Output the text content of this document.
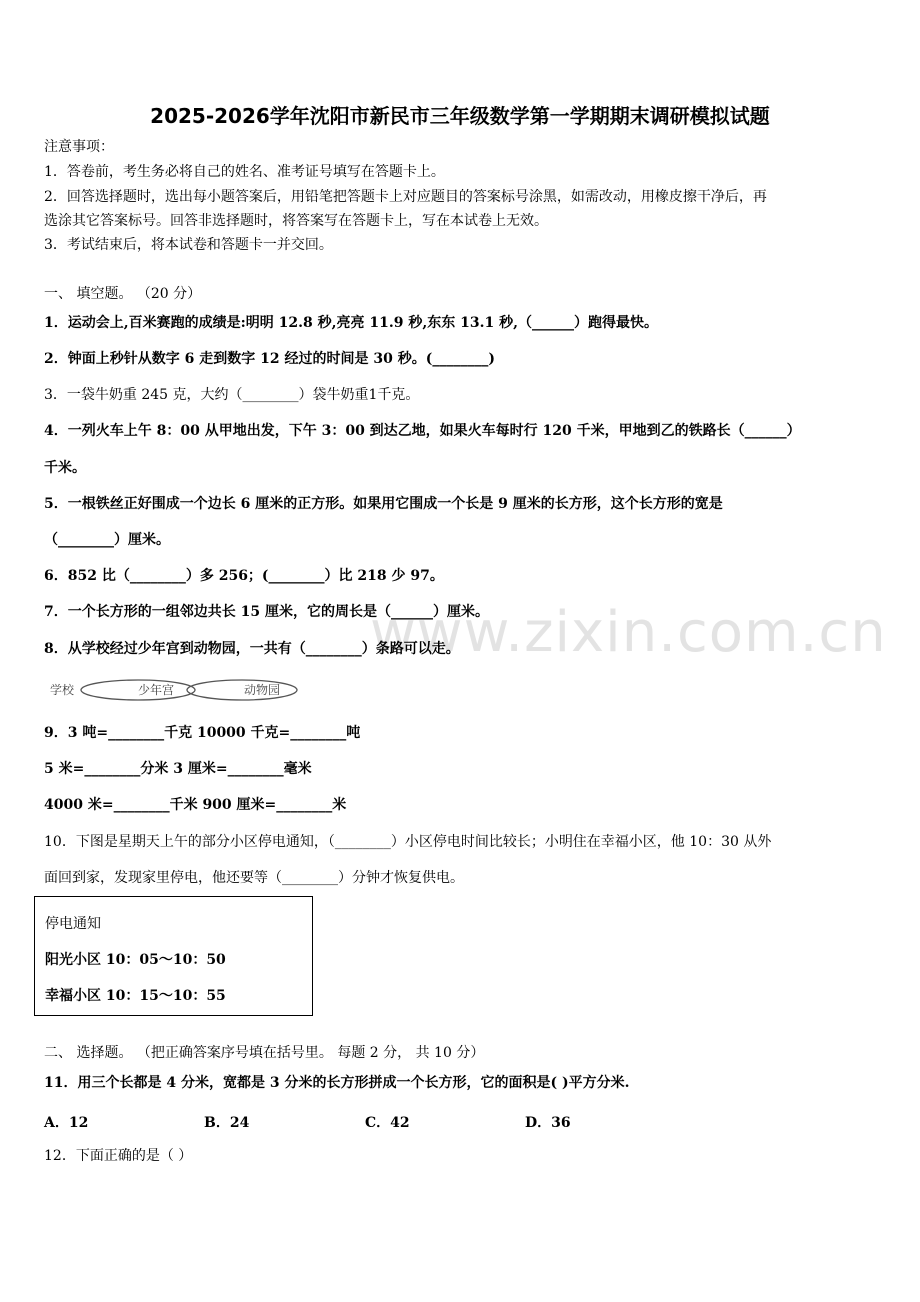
www.zixin.com.cn
2025-2026学年沈阳市新民市三年级数学第一学期期末调研模拟试题
注意事项：
1．答卷前，考生务必将自己的姓名、准考证号填写在答题卡上。
2．回答选择题时，选出每小题答案后，用铅笔把答题卡上对应题目的答案标号涂黑，如需改动，用橡皮擦干净后，再
选涂其它答案标号。回答非选择题时，将答案写在答题卡上，写在本试卷上无效。
3．考试结束后，将本试卷和答题卡一并交回。
一、 填空题。 （20 分）
1．运动会上,百米赛跑的成绩是:明明 12.8 秒,亮亮 11.9 秒,东东 13.1 秒,（______）跑得最快。
2．钟面上秒针从数字 6 走到数字 12 经过的时间是 30 秒。(________)
3．一袋牛奶重 245 克，大约（________）袋牛奶重1千克。
4．一列火车上午 8：00 从甲地出发，下午 3：00 到达乙地，如果火车每时行 120 千米，甲地到乙的铁路长（______）
千米。
5．一根铁丝正好围成一个边长 6 厘米的正方形。如果用它围成一个长是 9 厘米的长方形，这个长方形的宽是
（________）厘米。
6．852 比（________）多 256；(________）比 218 少 97。
7．一个长方形的一组邻边共长 15 厘米，它的周长是（______）厘米。
8．从学校经过少年宫到动物园，一共有（________）条路可以走。
学校	少年宫	动物园
9．3 吨=________千克 10000 千克=________吨
5 米=________分米 3 厘米=________毫米
4000 米=________千米 900 厘米=________米
10．下图是星期天上午的部分小区停电通知，（________）小区停电时间比较长；小明住在幸福小区，他 10：30 从外
面回到家，发现家里停电，他还要等（________）分钟才恢复供电。
停电通知
阳光小区 10：05～10：50
幸福小区 10：15～10：55
二、 选择题。 （把正确答案序号填在括号里。 每题 2 分， 共 10 分）
11．用三个长都是 4 分米，宽都是 3 分米的长方形拼成一个长方形，它的面积是( )平方分米.
A．12	B．24	C．42	D．36
12．下面正确的是（ ）
